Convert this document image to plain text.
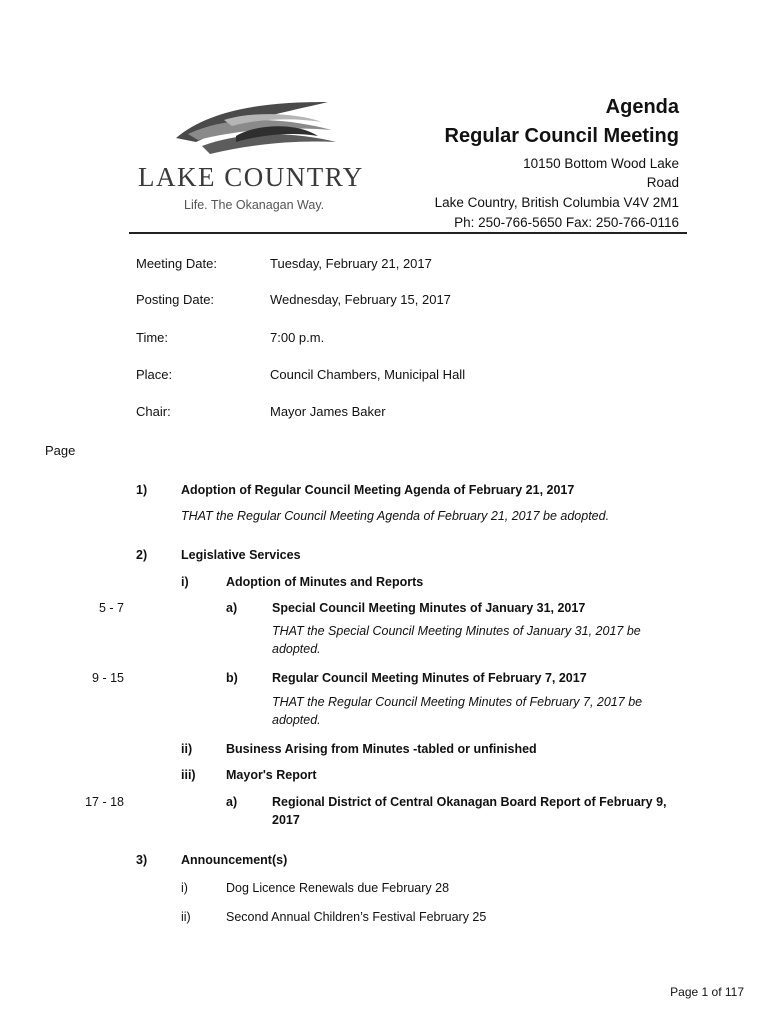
LAKE COUNTRY
Life. The Okanagan Way.
Agenda
Regular Council Meeting
10150 Bottom Wood Lake
Road
Lake Country, British Columbia V4V 2M1
Ph: 250-766-5650 Fax: 250-766-0116
Meeting Date:	Tuesday, February 21, 2017
Posting Date:	Wednesday, February 15, 2017
Time:	7:00 p.m.
Place:	Council Chambers, Municipal Hall
Chair:	Mayor James Baker
Page
1)	Adoption of Regular Council Meeting Agenda of February 21, 2017
THAT the Regular Council Meeting Agenda of February 21, 2017 be adopted.
2)	Legislative Services
i)	Adoption of Minutes and Reports
5 - 7	a)	Special Council Meeting Minutes of January 31, 2017
THAT the Special Council Meeting Minutes of January 31, 2017 be
adopted.
9 - 15	b)	Regular Council Meeting Minutes of February 7, 2017
THAT the Regular Council Meeting Minutes of February 7, 2017 be
adopted.
ii)	Business Arising from Minutes -tabled or unfinished
iii) Mayor's Report
17 - 18	a)	Regional District of Central Okanagan Board Report of February 9,
2017
3)	Announcement(s)
i)	Dog Licence Renewals due February 28
ii)	Second Annual Children’s Festival February 25
Page 1 of 117
